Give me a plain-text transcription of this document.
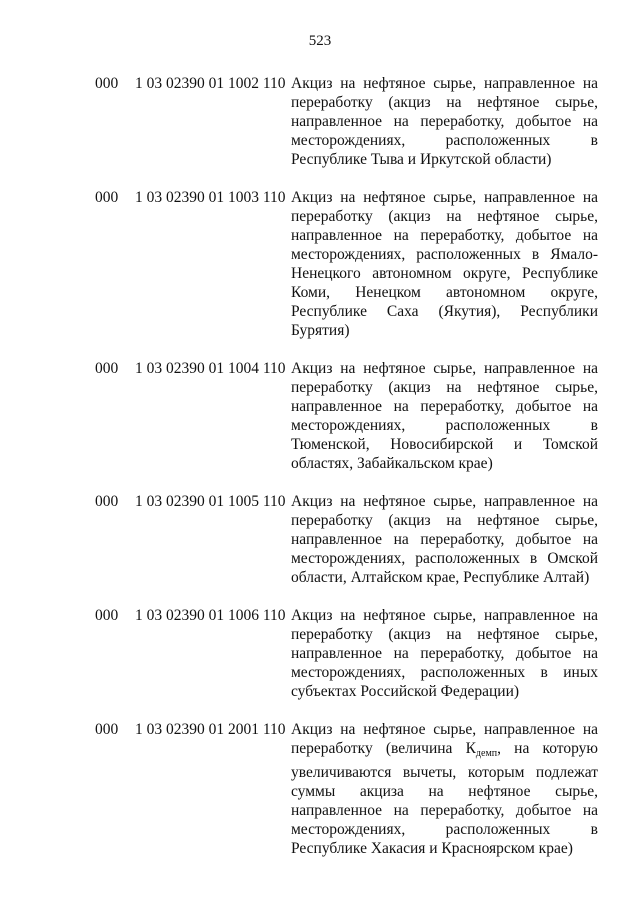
523
000	1 03 02390 01 1002 110 Акциз на нефтяное сырье, направленное на переработку (акциз на нефтяное сырье, направленное на переработку, добытое на месторождениях, расположенных в Республике Тыва и Иркутской области)
000	1 03 02390 01 1003 110 Акциз на нефтяное сырье, направленное на переработку (акциз на нефтяное сырье, направленное на переработку, добытое на месторождениях, расположенных в Ямало-Ненецкого автономном округе, Республике Коми, Ненецком автономном округе, Республике Саха (Якутия), Республики Бурятия)
000	1 03 02390 01 1004 110 Акциз на нефтяное сырье, направленное на переработку (акциз на нефтяное сырье, направленное на переработку, добытое на месторождениях, расположенных в Тюменской, Новосибирской и Томской областях, Забайкальском крае)
000	1 03 02390 01 1005 110 Акциз на нефтяное сырье, направленное на переработку (акциз на нефтяное сырье, направленное на переработку, добытое на месторождениях, расположенных в Омской области, Алтайском крае, Республике Алтай)
000	1 03 02390 01 1006 110 Акциз на нефтяное сырье, направленное на переработку (акциз на нефтяное сырье, направленное на переработку, добытое на месторождениях, расположенных в иных субъектах Российской Федерации)
000	1 03 02390 01 2001 110 Акциз на нефтяное сырье, направленное на переработку (величина $К_{демп}$, на которую увеличиваются вычеты, которым подлежат суммы акциза на нефтяное сырье, направленное на переработку, добытое на месторождениях, расположенных в Республике Хакасия и Красноярском крае)
